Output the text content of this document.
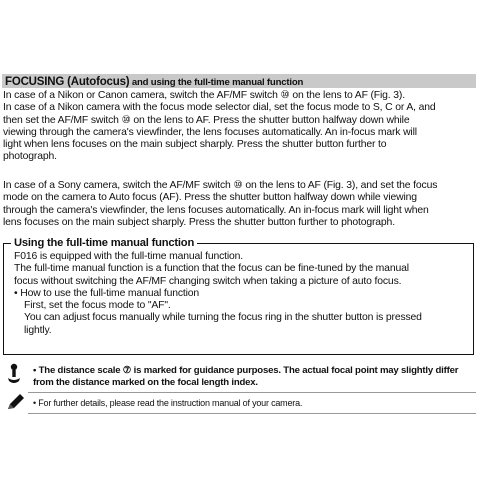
FOCUSING (Autofocus) and using the full-time manual function
In case of a Nikon or Canon camera, switch the AF/MF switch ⑩ on the lens to AF (Fig. 3).
In case of a Nikon camera with the focus mode selector dial, set the focus mode to S, C or A, and
then set the AF/MF switch ⑩ on the lens to AF. Press the shutter button halfway down while
viewing through the camera's viewfinder, the lens focuses automatically. An in-focus mark will
light when lens focuses on the main subject sharply. Press the shutter button further to
photograph.
In case of a Sony camera, switch the AF/MF switch ⑩ on the lens to AF (Fig. 3), and set the focus
mode on the camera to Auto focus (AF). Press the shutter button halfway down while viewing
through the camera's viewfinder, the lens focuses automatically. An in-focus mark will light when
lens focuses on the main subject sharply. Press the shutter button further to photograph.
Using the full-time manual function
F016 is equipped with the full-time manual function.
The full-time manual function is a function that the focus can be fine-tuned by the manual
focus without switching the AF/MF changing switch when taking a picture of auto focus.
• How to use the full-time manual function
First, set the focus mode to "AF".
You can adjust focus manually while turning the focus ring in the shutter button is pressed
lightly.
• The distance scale ⑦ is marked for guidance purposes. The actual focal point may slightly differ
from the distance marked on the focal length index.
• For further details, please read the instruction manual of your camera.
